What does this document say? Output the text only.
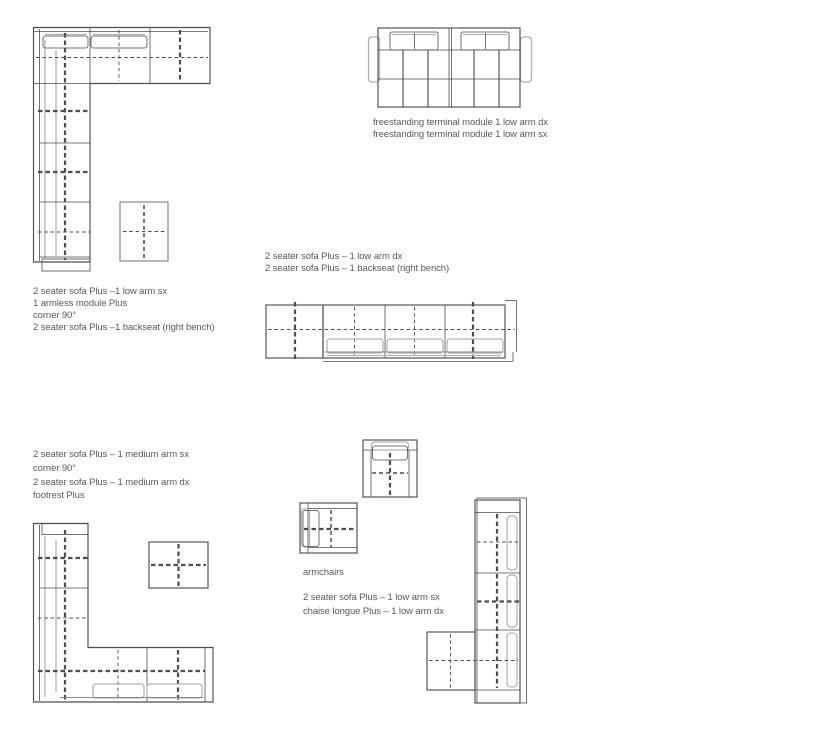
2 seater sofa Plus –1 low arm sx
1 armless module Plus
corner 90°
2 seater sofa Plus –1 backseat (right bench)
freestanding terminal module 1 low arm dx
freestanding terminal module 1 low arm sx
2 seater sofa Plus – 1 low arm dx
2 seater sofa Plus – 1 backseat (right bench)
2 seater sofa Plus – 1 medium arm sx
corner 90°
2 seater sofa Plus – 1 medium arm dx
footrest Plus
armchairs
2 seater sofa Plus – 1 low arm sx
chaise longue Plus – 1 low arm dx
